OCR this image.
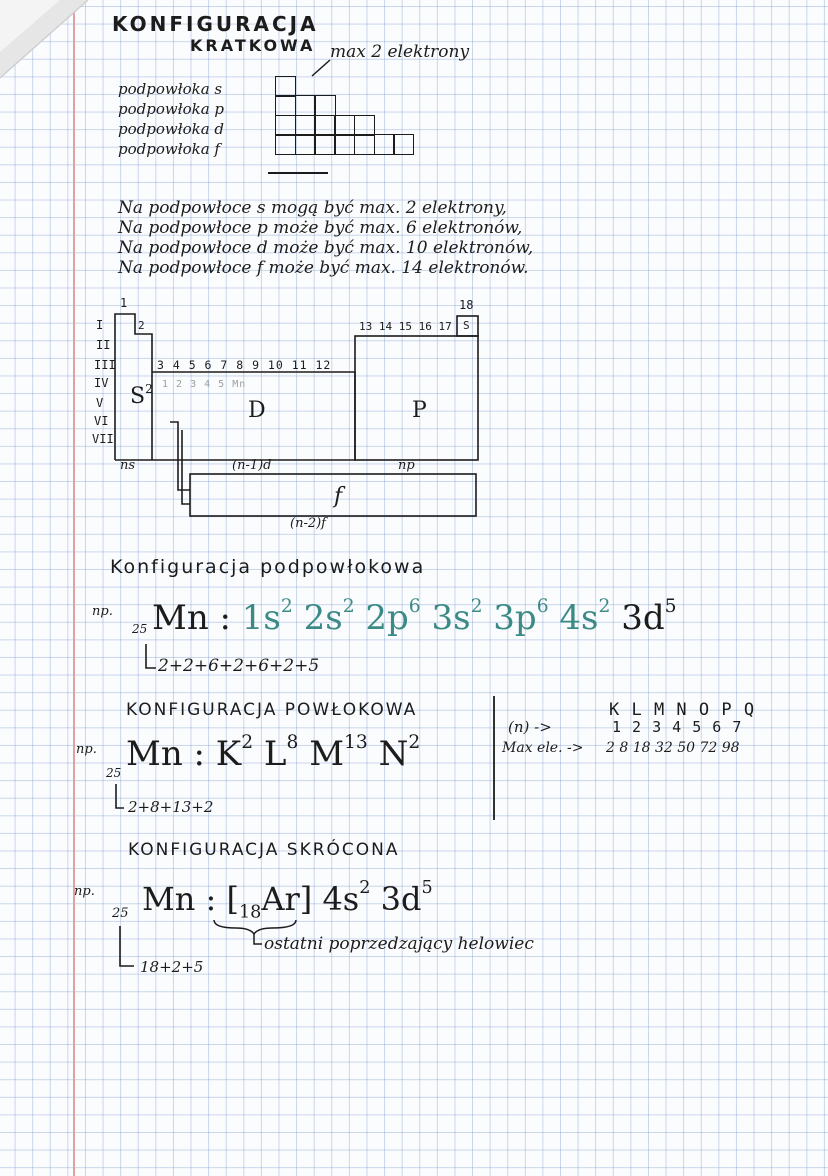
KONFIGURACJA
KRATKOWA max 2 elektrony
podpowłoka s
podpowłoka p
podpowłoka d
podpowłoka f
Na podpowłoce s mogą być max. 2 elektrony,
Na podpowłoce p może być max. 6 elektronów,
Na podpowłoce d może być max. 10 elektronów,
Na podpowłoce f może być max. 14 elektronów.
I
II
III
IV
V
VI
VII
1
2
18
13 14 15 16 17 S
3 4 5 6 7 8 9 10 11 12
1 2 3 4 5 Mn
$S^2$
D	P
f
ns	(n-1)d	np
(n-2)f
Konfiguracja podpowłokowa
np.
25 Mn : $1s^2$ $2s^2$ $2p^6$ $3s^2$ $3p^6$ $4s^2$ $3d^5$
2+2+6+2+6+2+5
KONFIGURACJA POWŁOKOWA
np.
25 Mn : $K^2$ $L^8$ $M^{13}$ $N^2$
2+8+13+2
K L M N O P Q
(n) ->	1 2 3 4 5 6 7
Max ele. -> 2 8 18 32 50 72 98
KONFIGURACJA SKRÓCONA
np.
25 Mn : $[_{18}Ar]$ $4s^2$ $3d^5$
ostatni poprzedzający helowiec
18+2+5
